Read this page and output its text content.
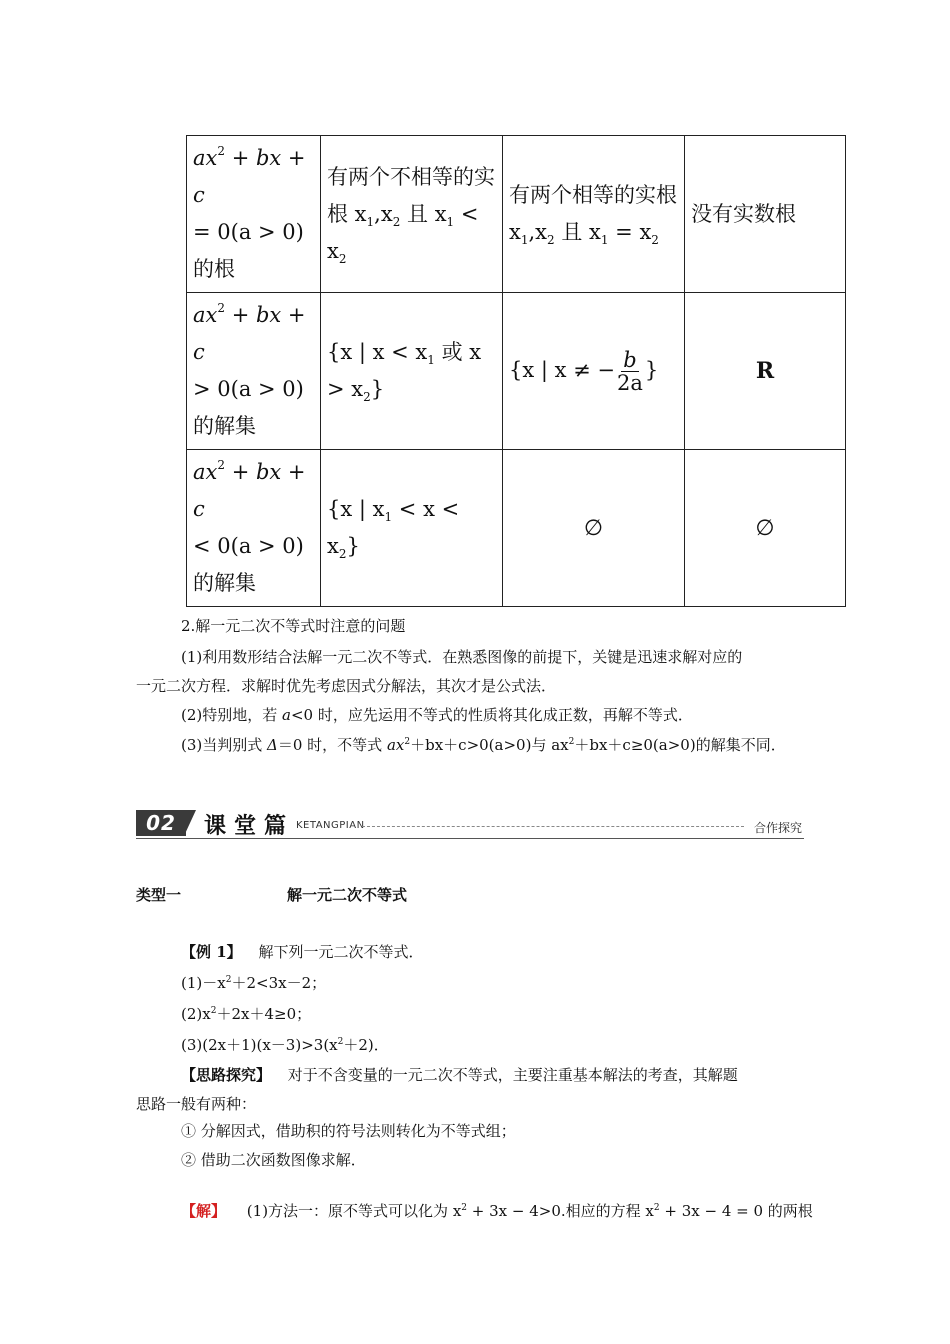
$ax^2$ + bx + c
= 0(a > 0) 的根	有两个不相等的实根 $x_1,x_2$ 且 $x_1 < x_2$	有两个相等的实根 $x_1,x_2$ 且 $x_1 = x_2$	没有实数根
$ax^2$ + bx + c
> 0(a > 0) 的解集	{x | $x < x_1$ 或 $x > x_2$}	{x | x ≠ − $\frac{b}{2a}$ }	R
$ax^2$ + bx + c
< 0(a > 0) 的解集	{x | $x_1 < x < x_2$}	∅	∅
2.解一元二次不等式时注意的问题
(1)利用数形结合法解一元二次不等式．在熟悉图像的前提下，关键是迅速求解对应的
一元二次方程．求解时优先考虑因式分解法，其次才是公式法．
(2)特别地，若 a<0 时，应先运用不等式的性质将其化成正数，再解不等式．
(3)当判别式 Δ＝0 时，不等式 $ax^2+bx+c>0(a>0)$与 $ax^2+bx+c\ge 0(a>0)$的解集不同．
02	课堂篇 KETANGPIAN	合作探究
类型一	解一元二次不等式
【例 1】 解下列一元二次不等式．
$(1)-x^2+2<3x-2$；
$(2)x^2+2x+4\ge 0$；
$(3)(2x+1)(x-3)>3(x^2+2)$．
【思路探究】 对于不含变量的一元二次不等式，主要注重基本解法的考查，其解题
思路一般有两种：
① 分解因式，借助积的符号法则转化为不等式组；
② 借助二次函数图像求解．
【解】 (1)方法一：原不等式可以化为 $x^2 + 3x - 4>0$.相应的方程 $x^2 + 3x - 4 = 0$ 的两根
